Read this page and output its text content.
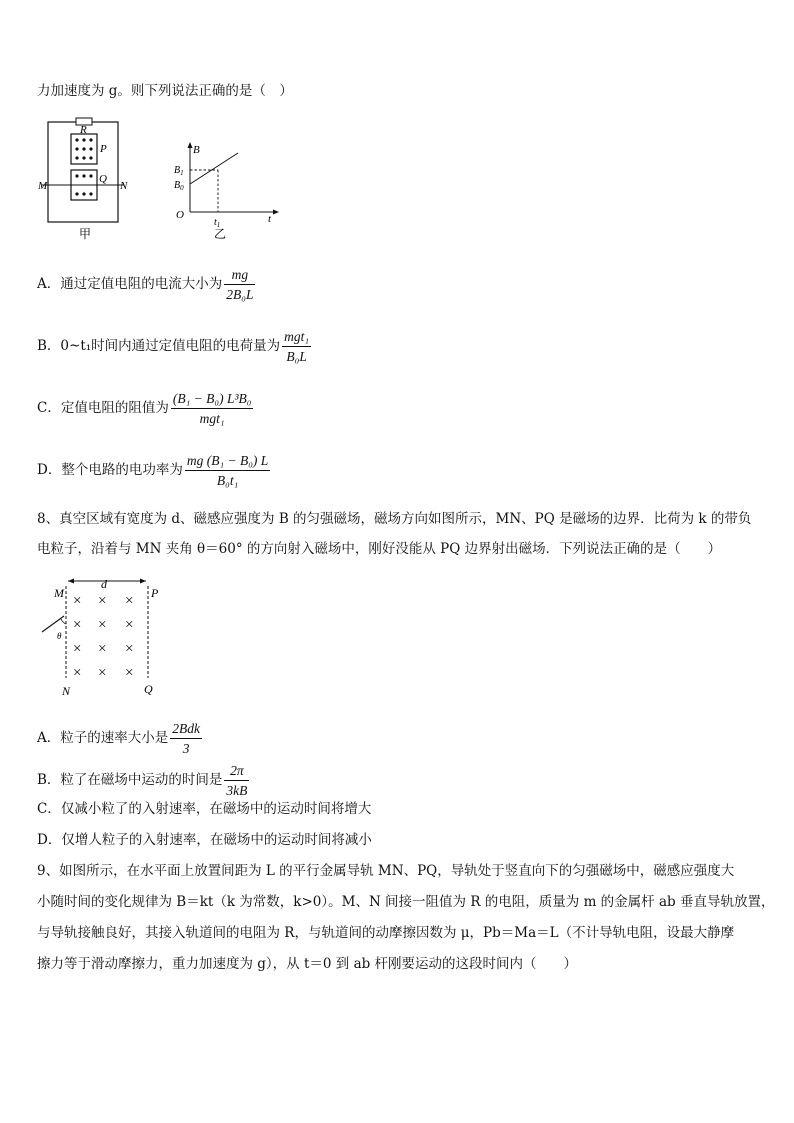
力加速度为 g。则下列说法正确的是（　）
R
P
Q
M	N
甲
B
$B_1$
$B_0$
O
$t_1$	t
乙
A．通过定值电阻的电流大小为 $\frac{mg}{\text{2B₀L}}$
B．0~t₁时间内通过定值电阻的电荷量为 $\frac{\text{mgt₁}}{\text{B₀L}}$
C．定值电阻的阻值为 $\frac{\text{(B₁ − B₀) L³B₀}}{\text{mgt₁}}$
D．整个电路的电功率为 $\frac{\text{mg (B₁ − B₀) L}}{\text{B₀t₁}}$
8、真空区域有宽度为 d、磁感应强度为 B 的匀强磁场，磁场方向如图所示，MN、PQ 是磁场的边界．比荷为 k 的带负
电粒子，沿着与 MN 夹角 θ＝60° 的方向射入磁场中，刚好没能从 PQ 边界射出磁场．下列说法正确的是（　　）
× × ×
× × ×
× × ×
× × ×
d
M	P
θ
N	Q
A．粒子的速率大小是 $\frac{\text{2Bdk}}{3}$
B．粒了在磁场中运动的时间是 $\frac{2\pi}{3kB}$
C．仅减小粒了的入射速率，在磁场中的运动时间将增大
D．仅增人粒子的入射速率，在磁场中的运动时间将减小
9、如图所示，在水平面上放置间距为 L 的平行金属导轨 MN、PQ，导轨处于竖直向下的匀强磁场中，磁感应强度大
小随时间的变化规律为 B＝kt（k 为常数，k>0）。M、N 间接一阻值为 R 的电阻，质量为 m 的金属杆 ab 垂直导轨放置，
与导轨接触良好，其接入轨道间的电阻为 R，与轨道间的动摩擦因数为 μ，Pb＝Ma＝L（不计导轨电阻，设最大静摩
擦力等于滑动摩擦力，重力加速度为 g），从 t＝0 到 ab 杆刚要运动的这段时间内（　　）
